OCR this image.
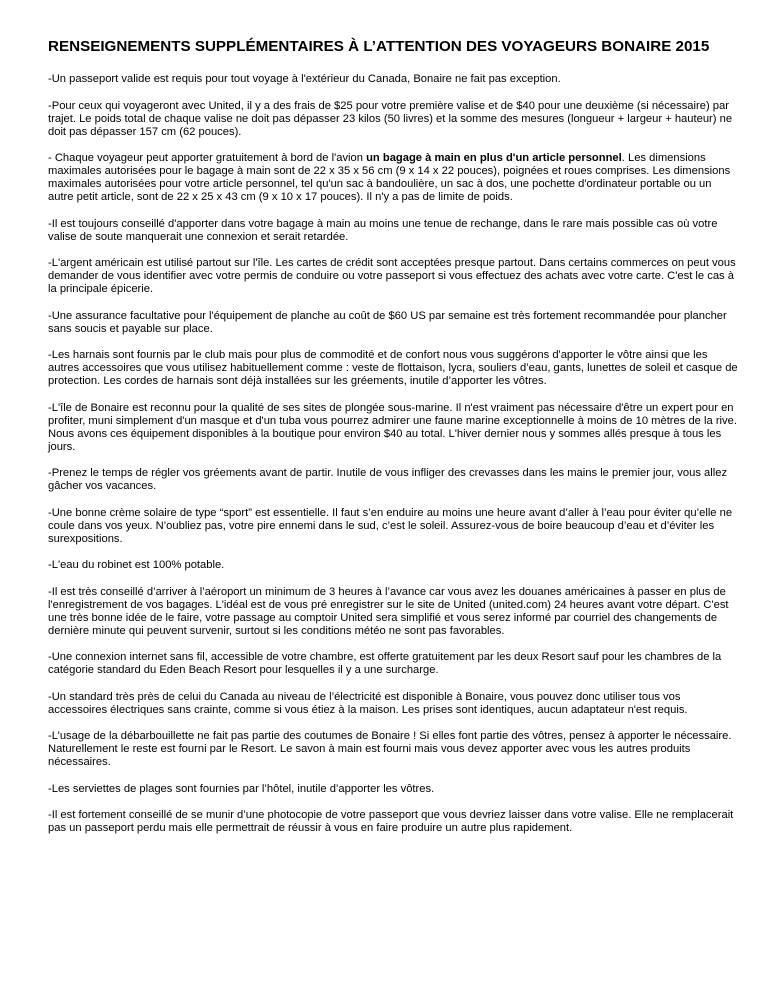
RENSEIGNEMENTS SUPPLÉMENTAIRES À L’ATTENTION DES VOYAGEURS BONAIRE 2015

-Un passeport valide est requis pour tout voyage à l'extérieur du Canada, Bonaire ne fait pas exception.

-Pour ceux qui voyageront avec United, il y a des frais de $25 pour votre première valise et de $40 pour une deuxième (si nécessaire) par trajet. Le poids total de chaque valise ne doit pas dépasser 23 kilos (50 livres) et la somme des mesures (longueur + largeur + hauteur) ne doit pas dépasser 157 cm (62 pouces).

- Chaque voyageur peut apporter gratuitement à bord de l'avion un bagage à main en plus d'un article personnel. Les dimensions maximales autorisées pour le bagage à main sont de 22 x 35 x 56 cm (9 x 14 x 22 pouces), poignées et roues comprises. Les dimensions maximales autorisées pour votre article personnel, tel qu'un sac à bandoulière, un sac à dos, une pochette d'ordinateur portable ou un autre petit article, sont de 22 x 25 x 43 cm (9 x 10 x 17 pouces). Il n'y a pas de limite de poids.

-Il est toujours conseillé d'apporter dans votre bagage à main au moins une tenue de rechange, dans le rare mais possible cas où votre valise de soute manquerait une connexion et serait retardée.

-L'argent américain est utilisé partout sur l'île. Les cartes de crédit sont acceptées presque partout. Dans certains commerces on peut vous demander de vous identifier avec votre permis de conduire ou votre passeport si vous effectuez des achats avec votre carte. C'est le cas à la principale épicerie.

-Une assurance facultative pour l'équipement de planche au coût de $60 US par semaine est très fortement recommandée pour plancher sans soucis et payable sur place.

-Les harnais sont fournis par le club mais pour plus de commodité et de confort nous vous suggérons d'apporter le vôtre ainsi que les autres accessoires que vous utilisez habituellement comme : veste de flottaison, lycra, souliers d’eau, gants, lunettes de soleil et casque de protection. Les cordes de harnais sont déjà installées sur les gréements, inutile d’apporter les vôtres.

-L'île de Bonaire est reconnu pour la qualité de ses sites de plongée sous-marine. Il n'est vraiment pas nécessaire d'être un expert pour en profiter, muni simplement d'un masque et d'un tuba vous pourrez admirer une faune marine exceptionnelle à moins de 10 mètres de la rive. Nous avons ces équipement disponibles à la boutique pour environ $40 au total. L'hiver dernier nous y sommes allés presque à tous les jours.

-Prenez le temps de régler vos gréements avant de partir. Inutile de vous infliger des crevasses dans les mains le premier jour, vous allez gâcher vos vacances.

-Une bonne crème solaire de type “sport” est essentielle. Il faut s’en enduire au moins une heure avant d’aller à l’eau pour éviter qu’elle ne coule dans vos yeux. N’oubliez pas, votre pire ennemi dans le sud, c’est le soleil. Assurez-vous de boire beaucoup d’eau et d’éviter les surexpositions.

-L'eau du robinet est 100% potable.

-Il est très conseillé d’arriver à l’aéroport un minimum de 3 heures à l’avance car vous avez les douanes américaines à passer en plus de l'enregistrement de vos bagages. L'idéal est de vous pré enregistrer sur le site de United (united.com) 24 heures avant votre départ. C'est une très bonne idée de le faire, votre passage au comptoir United sera simplifié et vous serez informé par courriel des changements de dernière minute qui peuvent survenir, surtout si les conditions météo ne sont pas favorables.

-Une connexion internet sans fil, accessible de votre chambre, est offerte gratuitement par les deux Resort sauf pour les chambres de la catégorie standard du Eden Beach Resort pour lesquelles il y a une surcharge.

-Un standard très près de celui du Canada au niveau de l’électricité est disponible à Bonaire, vous pouvez donc utiliser tous vos accessoires électriques sans crainte, comme si vous étiez à la maison. Les prises sont identiques, aucun adaptateur n'est requis.

-L’usage de la débarbouillette ne fait pas partie des coutumes de Bonaire ! Si elles font partie des vôtres, pensez à apporter le nécessaire. Naturellement le reste est fourni par le Resort. Le savon à main est fourni mais vous devez apporter avec vous les autres produits nécessaires.

-Les serviettes de plages sont fournies par l’hôtel, inutile d’apporter les vôtres.

-Il est fortement conseillé de se munir d’une photocopie de votre passeport que vous devriez laisser dans votre valise. Elle ne remplacerait pas un passeport perdu mais elle permettrait de réussir à vous en faire produire un autre plus rapidement.
